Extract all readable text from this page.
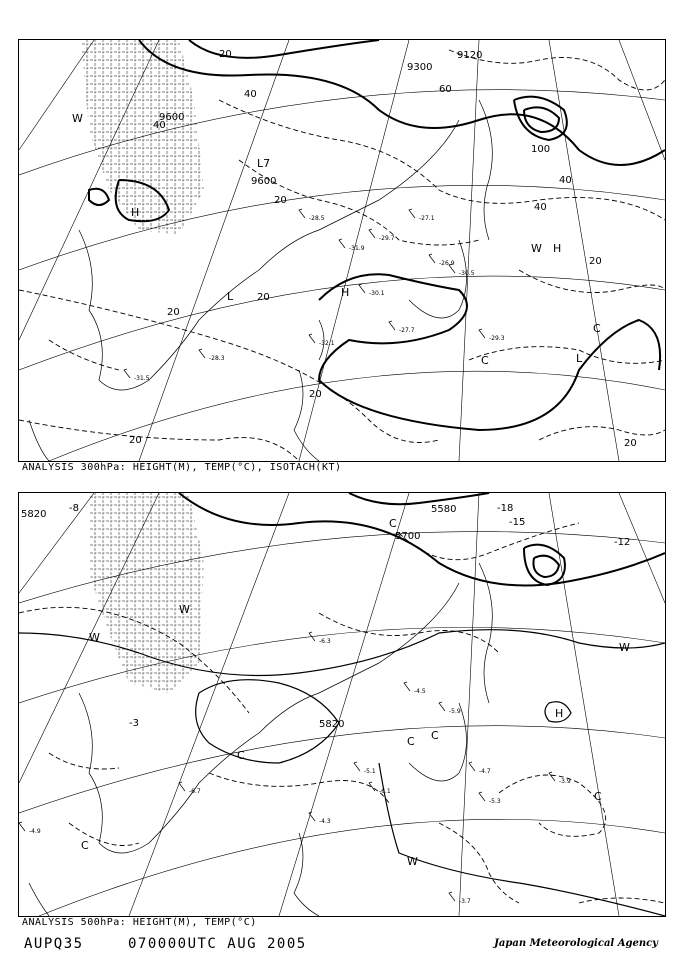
9120
9300
9600
9600
20
20
20
20
20
20
20
20
40
40
40
40
60
100
W
W
H
H
H
L
L
C
C
L7
-28.5
-31.9
-29.7
-27.7
-30.5
-32.1
-29.3
-27.1
-30.1
-26.9
-28.3
-31.5
ANALYSIS 300hPa: HEIGHT(M), TEMP(°C), ISOTACH(KT)
5820	5580
5700
5820
-8
-12
-15
-3
-18
W
W
W
W
C
C
C
C
H
C
C
-4.7
-5.3
-6.1
-4.3
-5.9
-3.9
-6.3
-4.5
-5.1
-3.7
-6.7
-4.9
ANALYSIS 500hPa: HEIGHT(M), TEMP(°C)
AUPQ35	070000UTC AUG 2005	Japan Meteorological Agency
